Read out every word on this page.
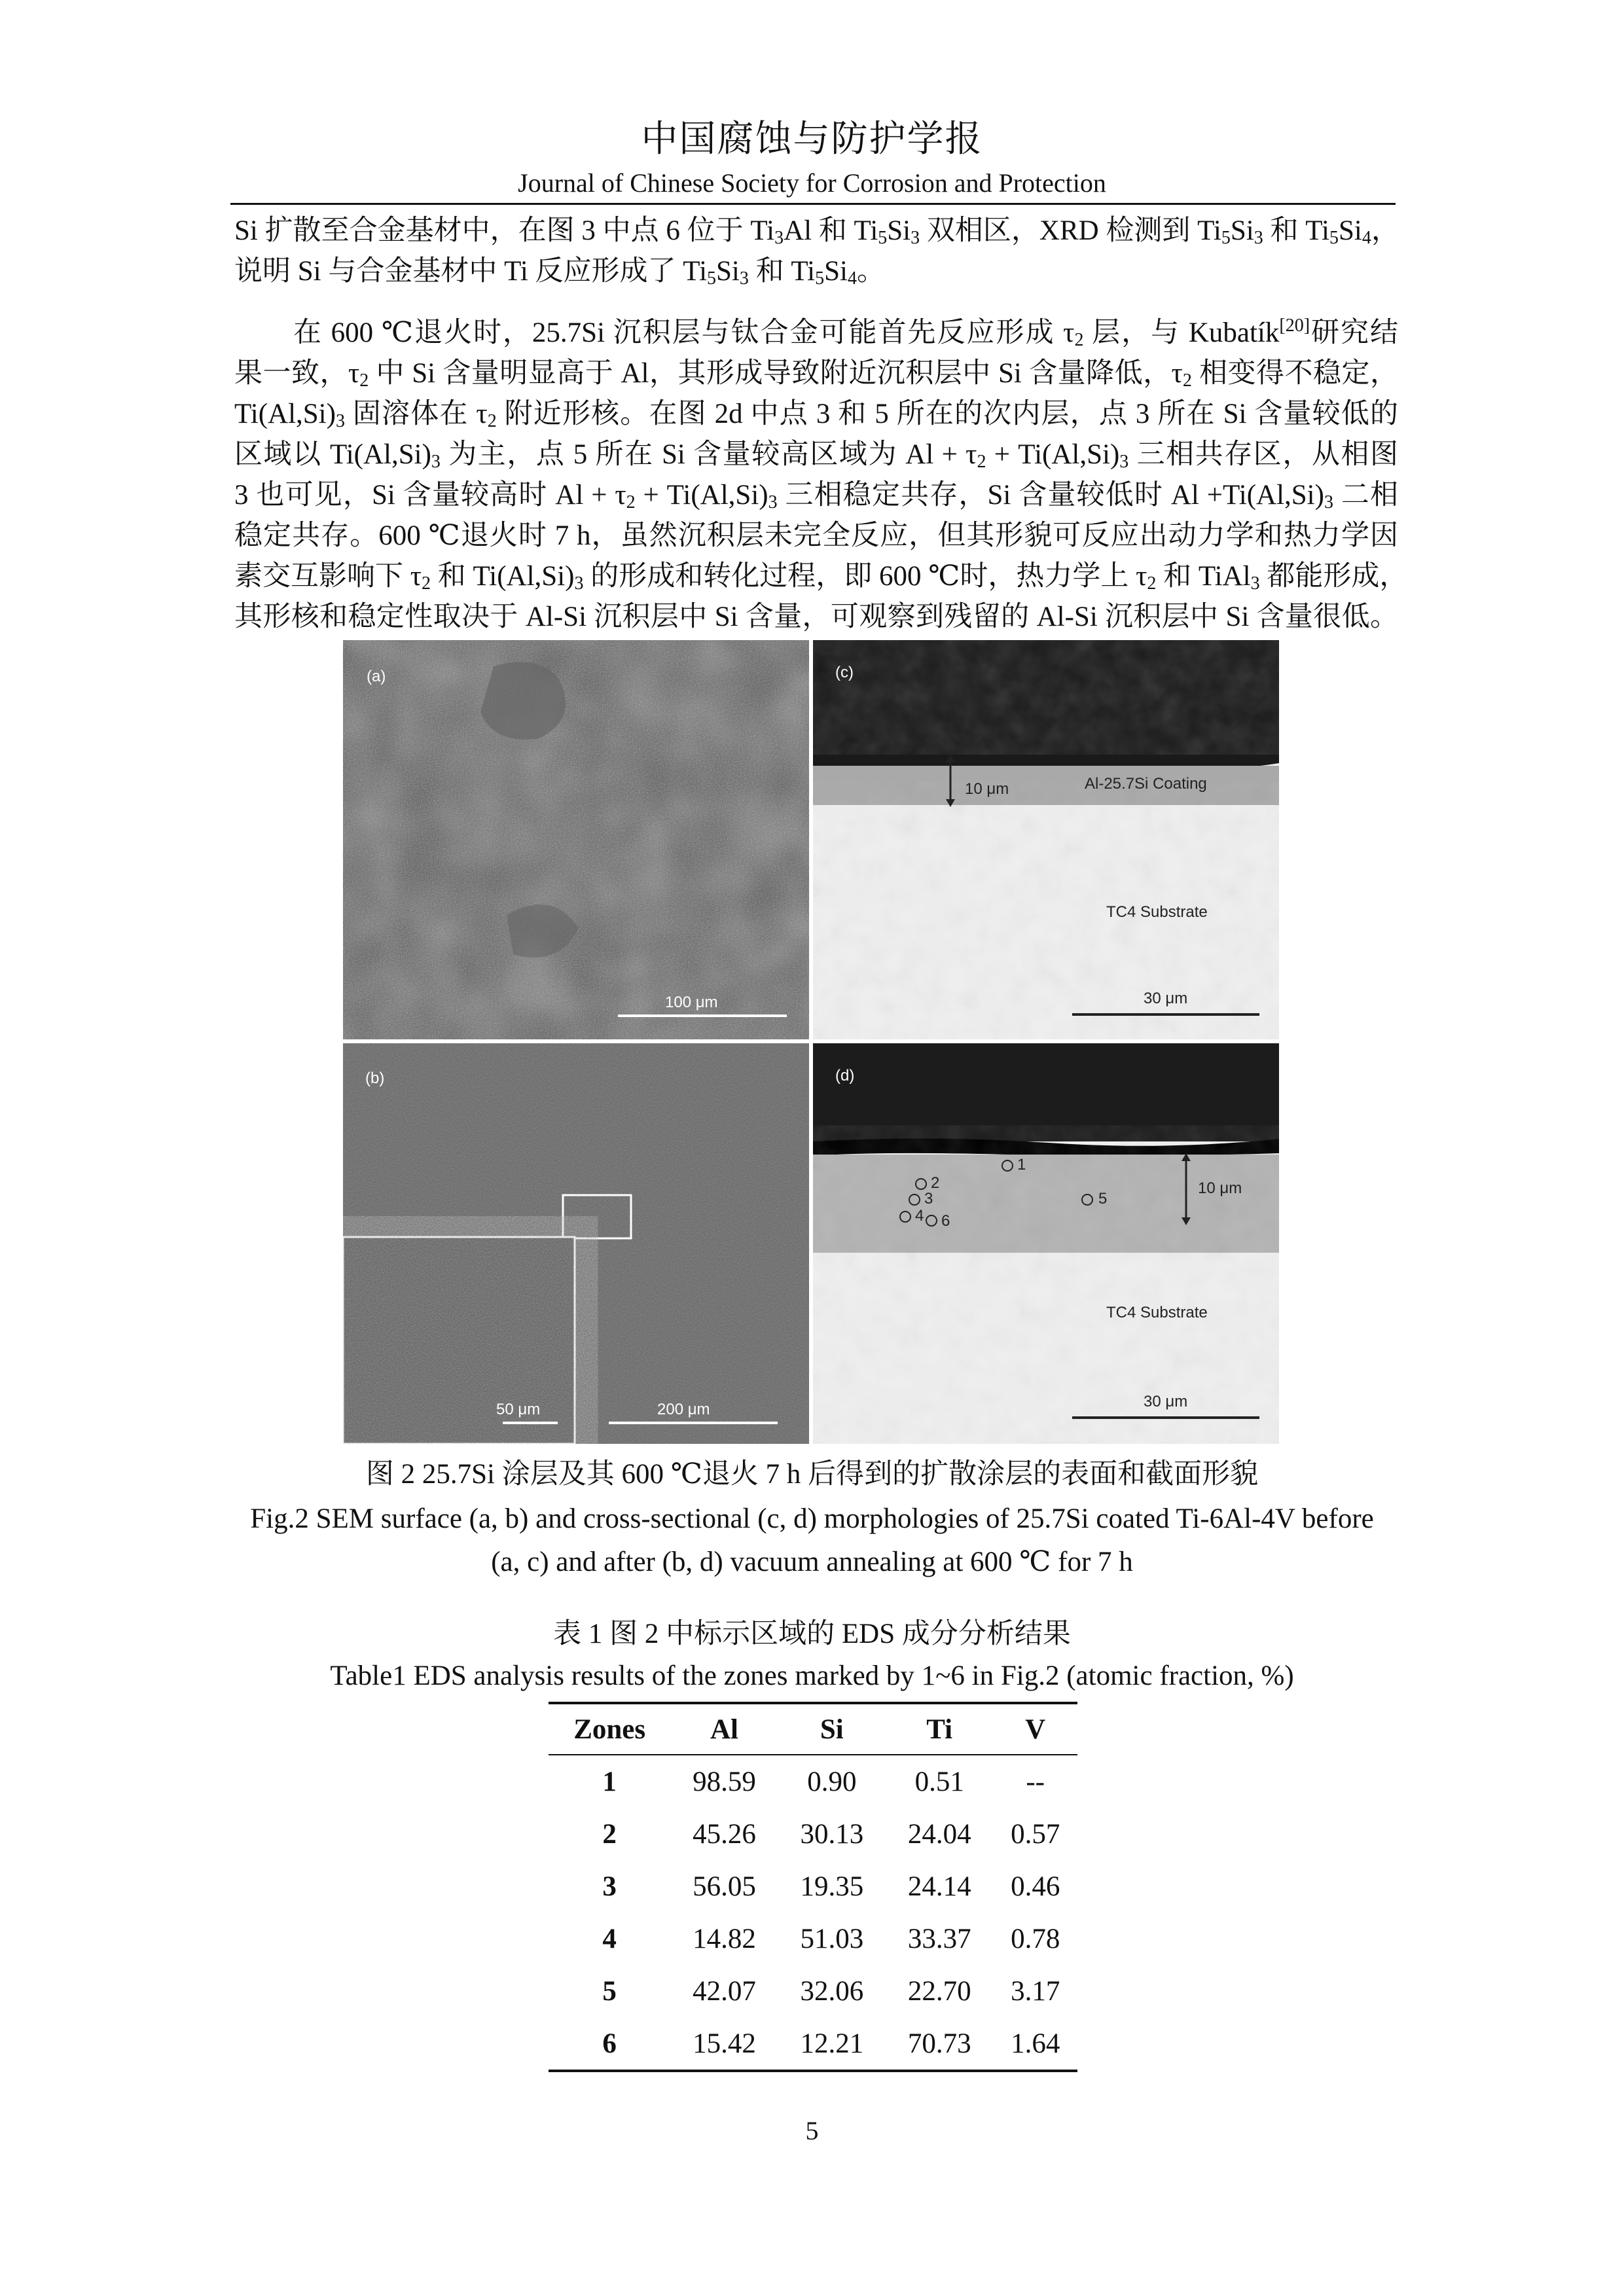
中国腐蚀与防护学报
Journal of Chinese Society for Corrosion and Protection
Si 扩散至合金基材中，在图 3 中点 6 位于 $Ti_3Al$ 和 $Ti_5Si_3$ 双相区，XRD 检测到 $Ti_5Si_3$ 和 $Ti_5Si_4$，
说明 Si 与合金基材中 Ti 反应形成了 $Ti_5Si_3$ 和 $Ti_5Si_4$。
　　在 600 ℃退火时，25.7Si 沉积层与钛合金可能首先反应形成 $\tau_2$ 层，与 Kubatík[20]研究结
果一致，$\tau_2$ 中 Si 含量明显高于 Al，其形成导致附近沉积层中 Si 含量降低，$\tau_2$ 相变得不稳定，
$Ti(Al,Si)_3$ 固溶体在 $\tau_2$ 附近形核。在图 2d 中点 3 和 5 所在的次内层，点 3 所在 Si 含量较低的
区域以 $Ti(Al,Si)_3$ 为主，点 5 所在 Si 含量较高区域为 $Al + \tau_2 + Ti(Al,Si)_3$ 三相共存区，从相图
3 也可见，Si 含量较高时 $Al + \tau_2 + Ti(Al,Si)_3$ 三相稳定共存，Si 含量较低时 $Al +Ti(Al,Si)_3$ 二相
稳定共存。600 ℃退火时 7 h，虽然沉积层未完全反应，但其形貌可反应出动力学和热力学因
素交互影响下 $\tau_2$ 和 $Ti(Al,Si)_3$ 的形成和转化过程，即 600 ℃时，热力学上 $\tau_2$ 和 TiAl$_3$ 都能形成，
其形核和稳定性取决于 Al-Si 沉积层中 Si 含量，可观察到残留的 Al-Si 沉积层中 Si 含量很低。
(a)
100 μm
(c)
10 μm	Al-25.7Si Coating
TC4 Substrate
30 μm
(b)
50 μm	200 μm
(d)
1
2
3
4
5
6
10 μm
TC4 Substrate
30 μm
图 2 25.7Si 涂层及其 600 ℃退火 7 h 后得到的扩散涂层的表面和截面形貌
Fig.2 SEM surface (a, b) and cross-sectional (c, d) morphologies of 25.7Si coated Ti-6Al-4V before
(a, c) and after (b, d) vacuum annealing at 600 ℃ for 7 h
表 1 图 2 中标示区域的 EDS 成分分析结果
Table1 EDS analysis results of the zones marked by 1~6 in Fig.2 (atomic fraction, %)
Zones	Al	Si	Ti	V
1	98.59	0.90	0.51	--
2	45.26	30.13	24.04	0.57
3	56.05	19.35	24.14	0.46
4	14.82	51.03	33.37	0.78
5	42.07	32.06	22.70	3.17
6	15.42	12.21	70.73	1.64
5
